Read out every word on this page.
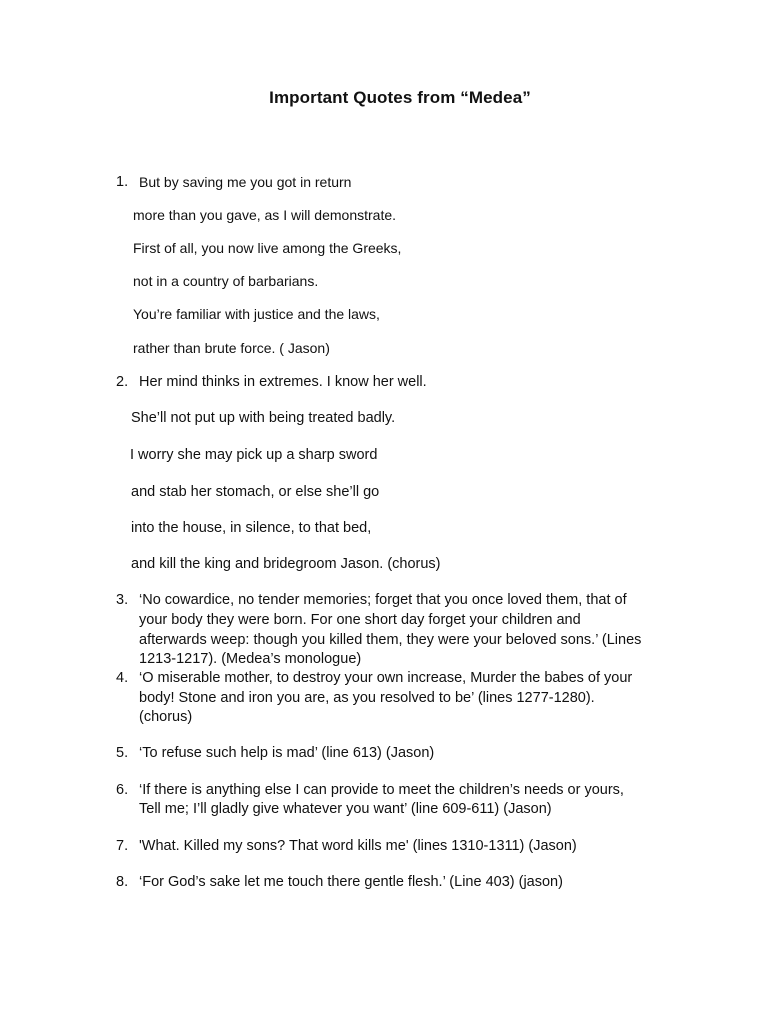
Important Quotes from “Medea”
1. But by saving me you got in return
more than you gave, as I will demonstrate.
First of all, you now live among the Greeks,
not in a country of barbarians.
You’re familiar with justice and the laws,
rather than brute force. ( Jason)
2. Her mind thinks in extremes. I know her well.
She’ll not put up with being treated badly.
I worry she may pick up a sharp sword
and stab her stomach, or else she’ll go
into the house, in silence, to that bed,
and kill the king and bridegroom Jason. (chorus)
3. ‘No cowardice, no tender memories; forget that you once loved them, that of
your body they were born. For one short day forget your children and
afterwards weep: though you killed them, they were your beloved sons.’ (Lines
1213-1217). (Medea’s monologue)
4. ‘O miserable mother, to destroy your own increase, Murder the babes of your
body! Stone and iron you are, as you resolved to be’ (lines 1277-1280).
(chorus)
5. ‘To refuse such help is mad’ (line 613) (Jason)
6. ‘If there is anything else I can provide to meet the children’s needs or yours,
Tell me; I’ll gladly give whatever you want’ (line 609-611) (Jason)
7. 'What. Killed my sons? That word kills me' (lines 1310-1311) (Jason)
8. ‘For God’s sake let me touch there gentle flesh.’ (Line 403) (jason)
